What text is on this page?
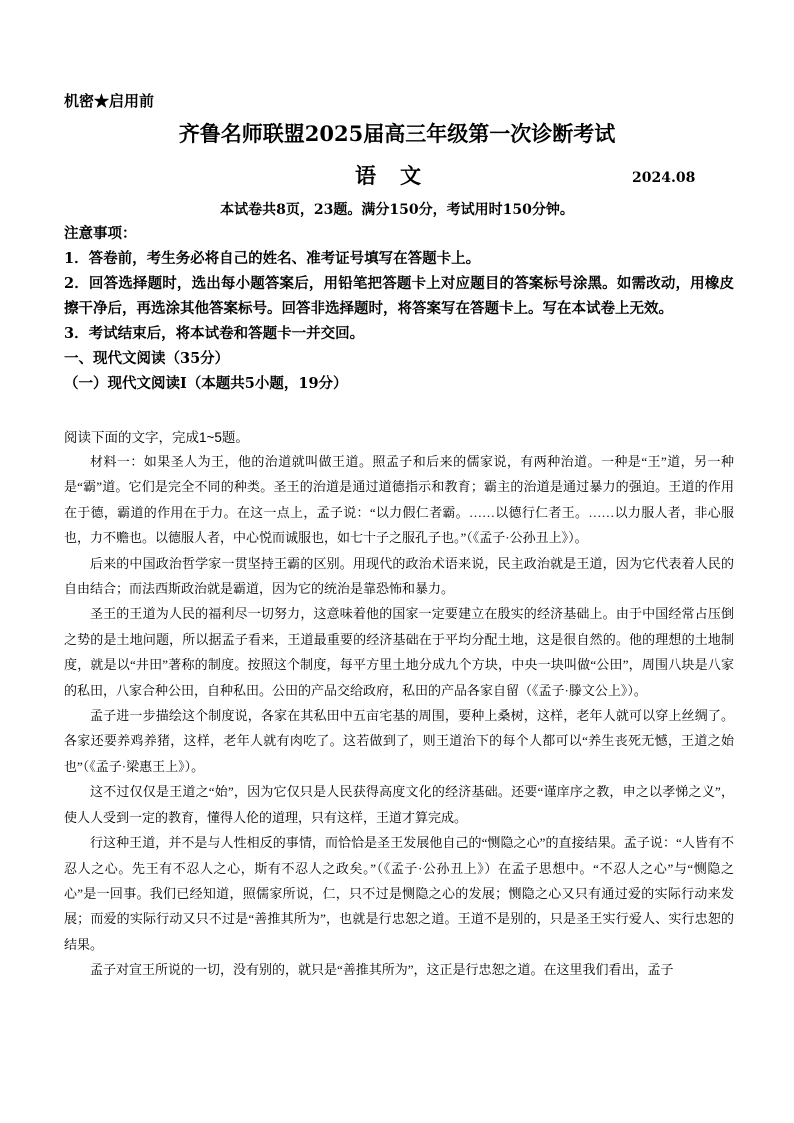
机密★启用前
齐鲁名师联盟2025届高三年级第一次诊断考试
语文	2024.08
本试卷共8页，23题。满分150分，考试用时150分钟。

注意事项：

1．答卷前，考生务必将自己的姓名、准考证号填写在答题卡上。

2．回答选择题时，选出每小题答案后，用铅笔把答题卡上对应题目的答案标号涂黑。如需改动，用橡皮擦干净后，再选涂其他答案标号。回答非选择题时，将答案写在答题卡上。写在本试卷上无效。

3．考试结束后，将本试卷和答题卡一并交回。

一、现代文阅读（35分）

（一）现代文阅读Ⅰ（本题共5小题，19分）

阅读下面的文字，完成1~5题。

材料一：如果圣人为王，他的治道就叫做王道。照孟子和后来的儒家说，有两种治道。一种是“王”道，另一种是“霸”道。它们是完全不同的种类。圣王的治道是通过道德指示和教育；霸主的治道是通过暴力的强迫。王道的作用在于德，霸道的作用在于力。在这一点上，孟子说：“以力假仁者霸。……以德行仁者王。……以力服人者，非心服也，力不赡也。以德服人者，中心悦而诚服也，如七十子之服孔子也。”（《孟子·公孙丑上》）。

后来的中国政治哲学家一贯坚持王霸的区别。用现代的政治术语来说，民主政治就是王道，因为它代表着人民的自由结合；而法西斯政治就是霸道，因为它的统治是靠恐怖和暴力。

圣王的王道为人民的福利尽一切努力，这意味着他的国家一定要建立在殷实的经济基础上。由于中国经常占压倒之势的是土地问题，所以据孟子看来，王道最重要的经济基础在于平均分配土地，这是很自然的。他的理想的土地制度，就是以“井田”著称的制度。按照这个制度，每平方里土地分成九个方块，中央一块叫做“公田”，周围八块是八家的私田，八家合种公田，自种私田。公田的产品交给政府，私田的产品各家自留（《孟子·滕文公上》）。

孟子进一步描绘这个制度说，各家在其私田中五亩宅基的周围，要种上桑树，这样，老年人就可以穿上丝绸了。各家还要养鸡养猪，这样，老年人就有肉吃了。这若做到了，则王道治下的每个人都可以“养生丧死无憾，王道之始也”（《孟子·梁惠王上》）。

这不过仅仅是王道之“始”，因为它仅只是人民获得高度文化的经济基础。还要“谨庠序之教，申之以孝悌之义”，使人人受到一定的教育，懂得人伦的道理，只有这样，王道才算完成。

行这种王道，并不是与人性相反的事情，而恰恰是圣王发展他自己的“恻隐之心”的直接结果。孟子说：“人皆有不忍人之心。先王有不忍人之心，斯有不忍人之政矣。”（《孟子·公孙丑上》）在孟子思想中。“不忍人之心”与“恻隐之心”是一回事。我们已经知道，照儒家所说，仁，只不过是恻隐之心的发展；恻隐之心又只有通过爱的实际行动来发展；而爱的实际行动又只不过是“善推其所为”，也就是行忠恕之道。王道不是别的，只是圣王实行爱人、实行忠恕的结果。

孟子对宣王所说的一切，没有别的，就只是“善推其所为”，这正是行忠恕之道。在这里我们看出，孟子
